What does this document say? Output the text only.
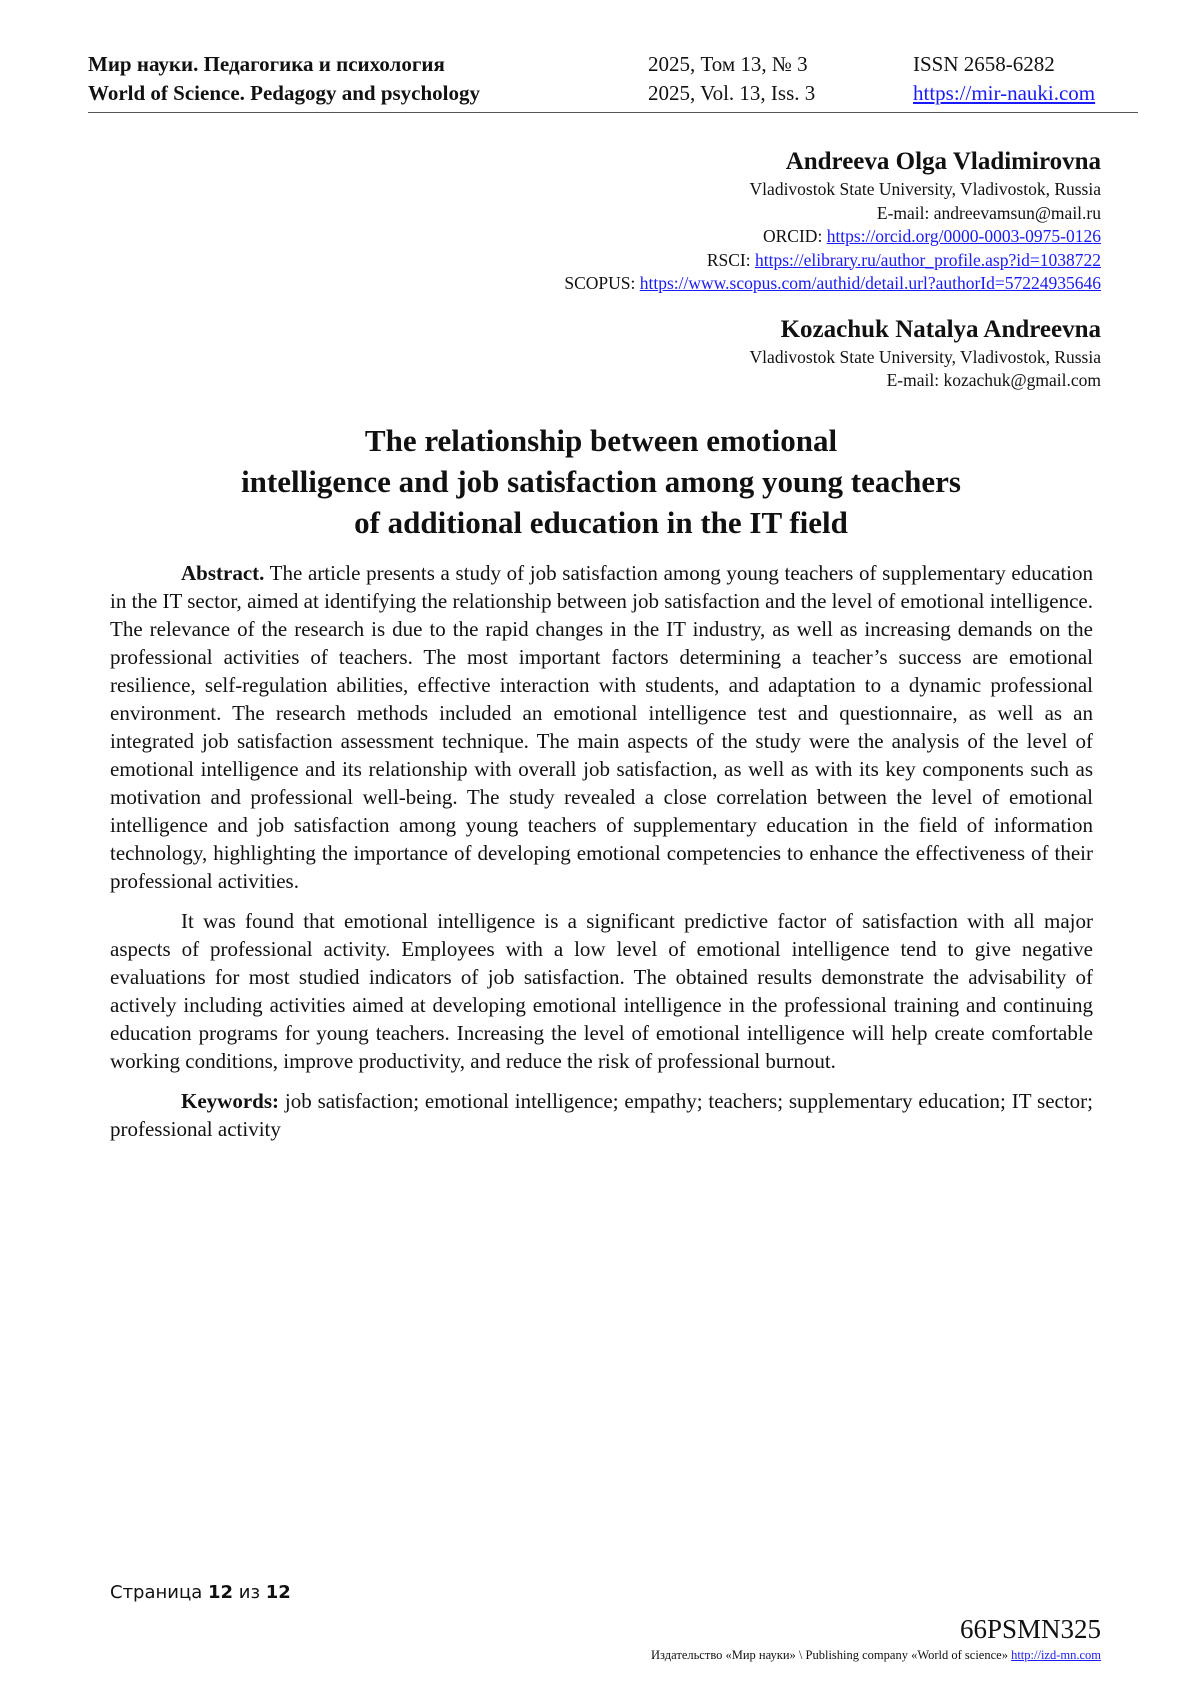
Мир науки. Педагогика и психология
World of Science. Pedagogy and psychology
2025, Том 13, № 3
2025, Vol. 13, Iss. 3
ISSN 2658-6282
https://mir-nauki.com
Andreeva Olga Vladimirovna
Vladivostok State University, Vladivostok, Russia
E-mail: andreevamsun@mail.ru
ORCID: https://orcid.org/0000-0003-0975-0126
RSCI: https://elibrary.ru/author_profile.asp?id=1038722
SCOPUS: https://www.scopus.com/authid/detail.url?authorId=57224935646
Kozachuk Natalya Andreevna
Vladivostok State University, Vladivostok, Russia
E-mail: kozachuk@gmail.com
The relationship between emotional
intelligence and job satisfaction among young teachers
of additional education in the IT field

Abstract. The article presents a study of job satisfaction among young teachers of supplementary education in the IT sector, aimed at identifying the relationship between job satisfaction and the level of emotional intelligence. The relevance of the research is due to the rapid changes in the IT industry, as well as increasing demands on the professional activities of teachers. The most important factors determining a teacher’s success are emotional resilience, self-regulation abilities, effective interaction with students, and adaptation to a dynamic professional environment. The research methods included an emotional intelligence test and questionnaire, as well as an integrated job satisfaction assessment technique. The main aspects of the study were the analysis of the level of emotional intelligence and its relationship with overall job satisfaction, as well as with its key components such as motivation and professional well-being. The study revealed a close correlation between the level of emotional intelligence and job satisfaction among young teachers of supplementary education in the field of information technology, highlighting the importance of developing emotional competencies to enhance the effectiveness of their professional activities.

It was found that emotional intelligence is a significant predictive factor of satisfaction with all major aspects of professional activity. Employees with a low level of emotional intelligence tend to give negative evaluations for most studied indicators of job satisfaction. The obtained results demonstrate the advisability of actively including activities aimed at developing emotional intelligence in the professional training and continuing education programs for young teachers. Increasing the level of emotional intelligence will help create comfortable working conditions, improve productivity, and reduce the risk of professional burnout.

Keywords: job satisfaction; emotional intelligence; empathy; teachers; supplementary education; IT sector; professional activity

Страница 12 из 12
66PSMN325
Издательство «Мир науки» \ Publishing company «World of science» http://izd-mn.com
